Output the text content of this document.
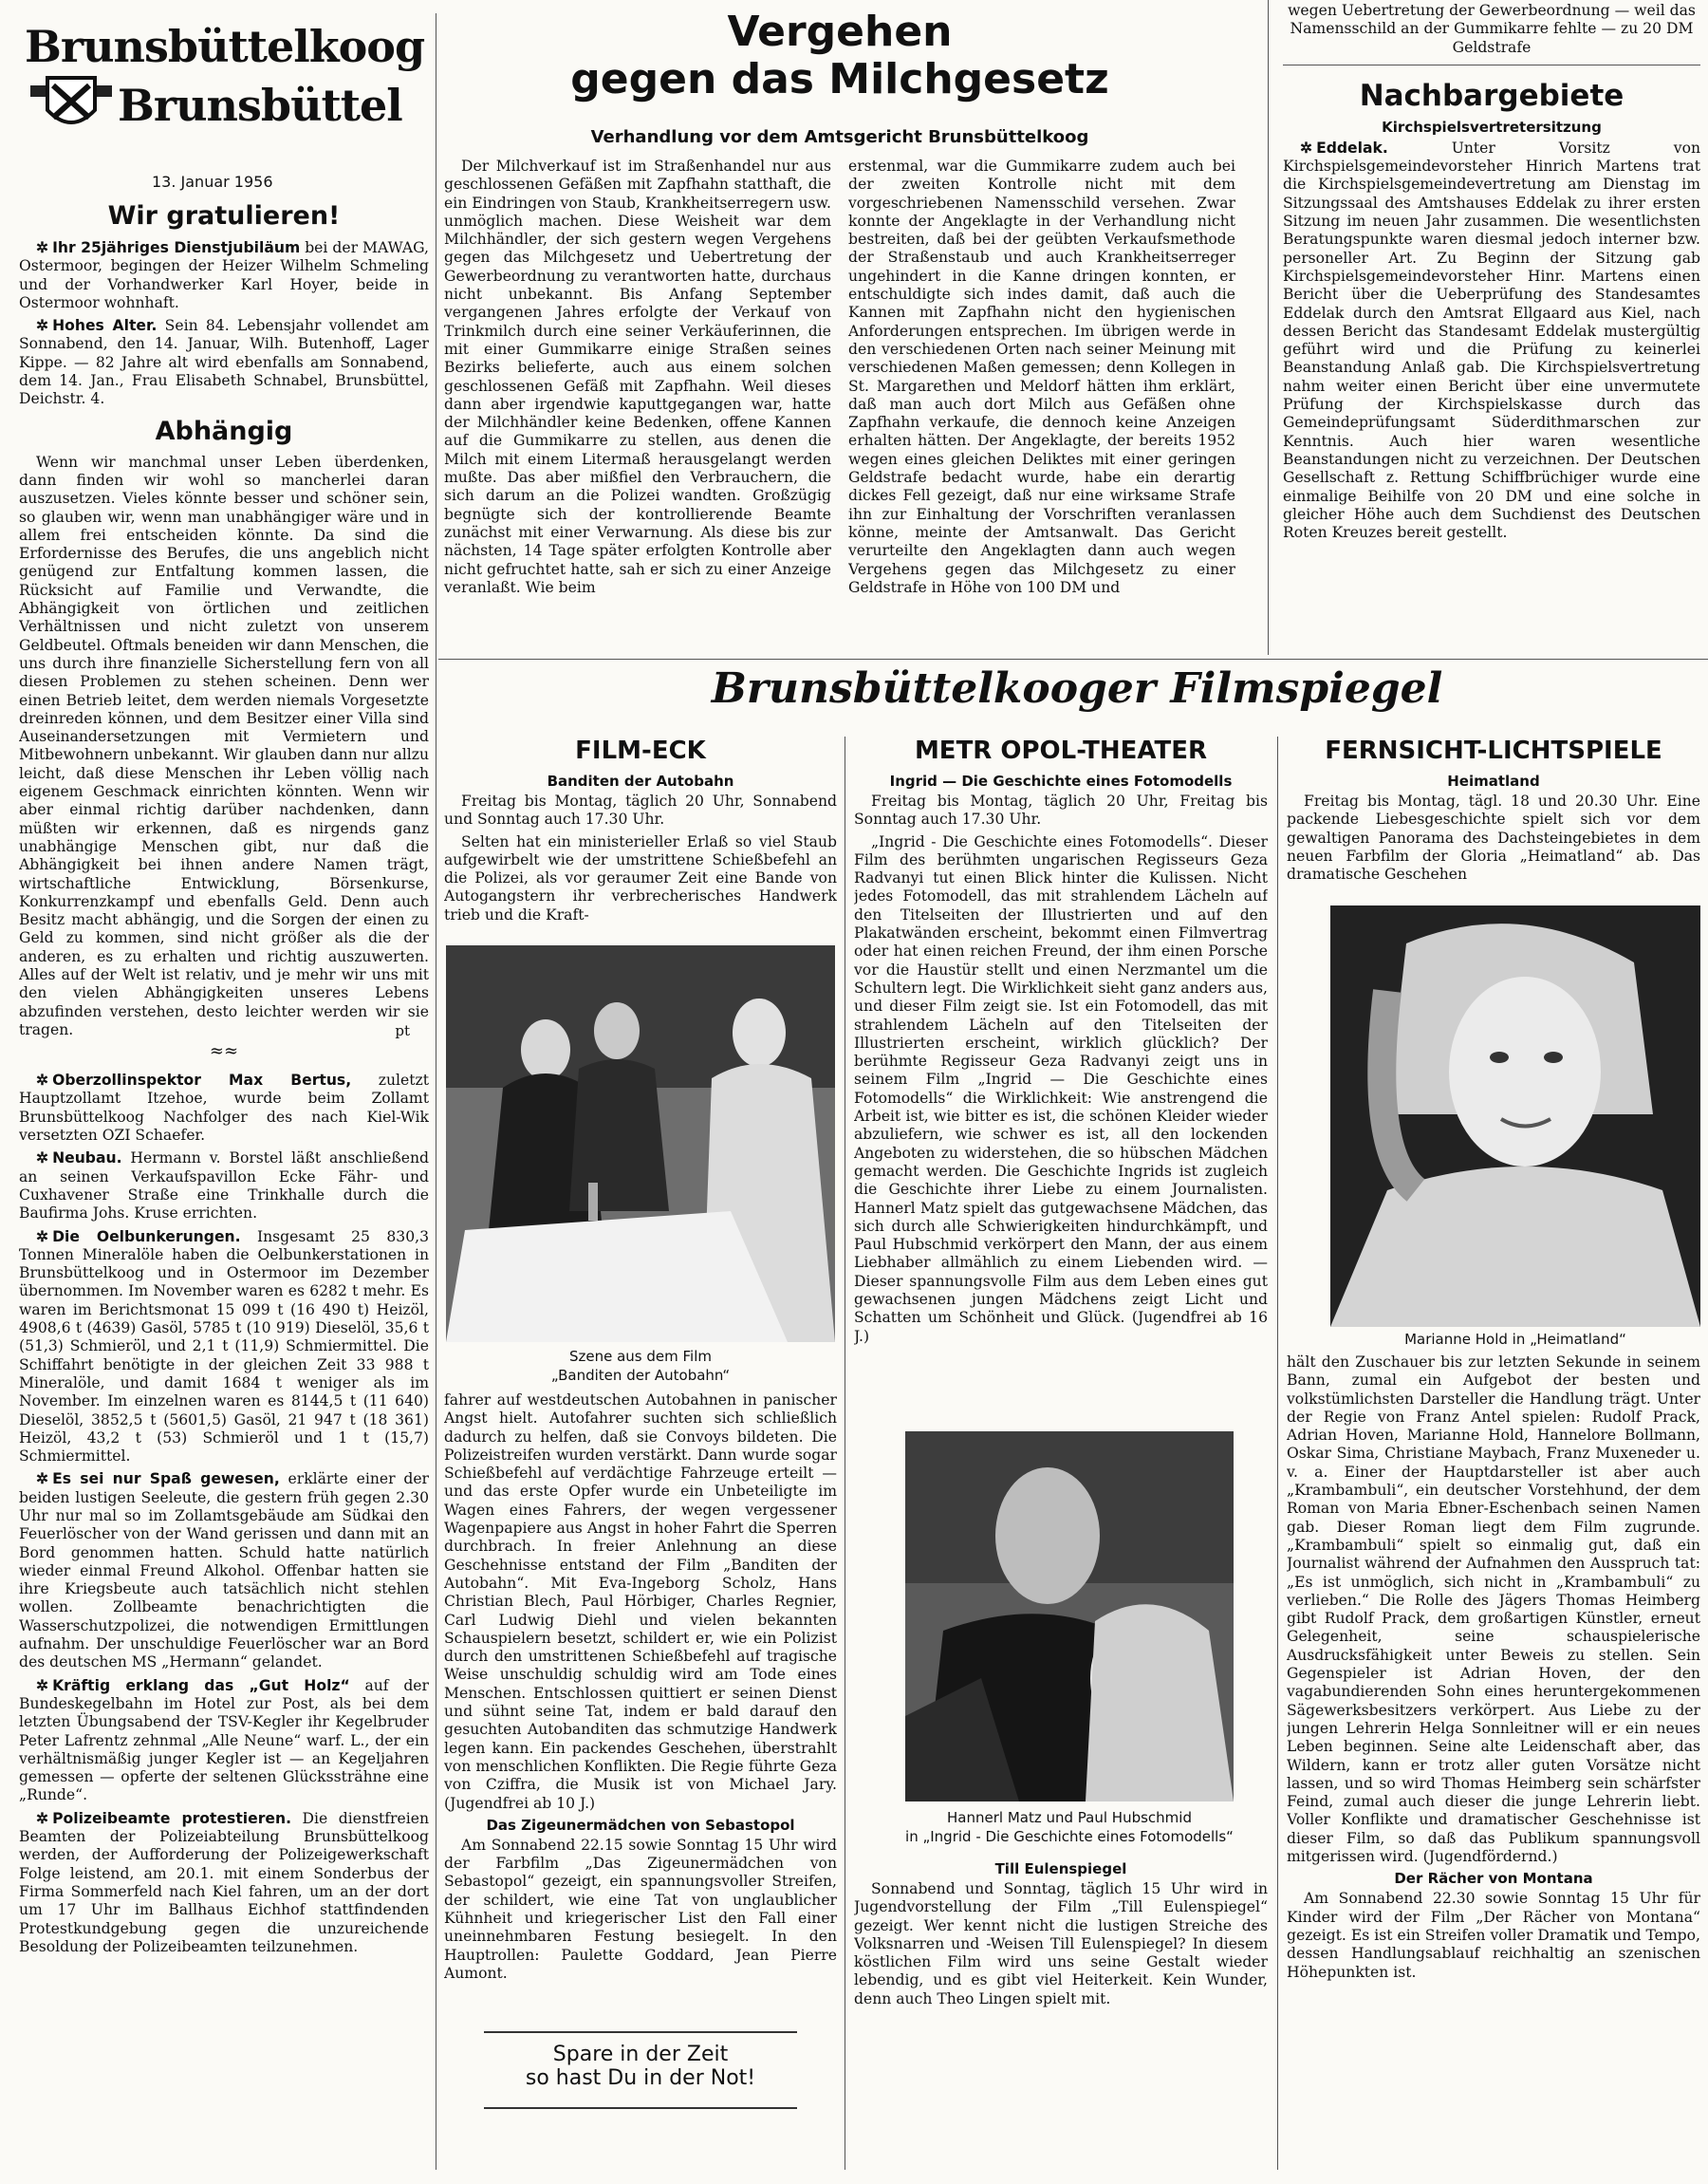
Brunsbüttelkoog
Brunsbüttel
13. Januar 1956
Wir gratulieren!

✲ Ihr 25jähriges Dienstjubiläum bei der MAWAG, Ostermoor, begingen der Heizer Wilhelm Schmeling und der Vorhandwerker Karl Hoyer, beide in Ostermoor wohnhaft.

✲ Hohes Alter. Sein 84. Lebensjahr vollendet am Sonnabend, den 14. Januar, Wilh. Butenhoff, Lager Kippe. — 82 Jahre alt wird ebenfalls am Sonnabend, dem 14. Jan., Frau Elisabeth Schnabel, Brunsbüttel, Deichstr. 4.

Abhängig

Wenn wir manchmal unser Leben überdenken, dann finden wir wohl so mancherlei daran auszusetzen. Vieles könnte besser und schöner sein, so glauben wir, wenn man unabhängiger wäre und in allem frei entscheiden könnte. Da sind die Erfordernisse des Berufes, die uns angeblich nicht genügend zur Entfaltung kommen lassen, die Rücksicht auf Familie und Verwandte, die Abhängigkeit von örtlichen und zeitlichen Verhältnissen und nicht zuletzt von unserem Geldbeutel. Oftmals beneiden wir dann Menschen, die uns durch ihre finanzielle Sicherstellung fern von all diesen Problemen zu stehen scheinen. Denn wer einen Betrieb leitet, dem werden niemals Vorgesetzte dreinreden können, und dem Besitzer einer Villa sind Auseinandersetzungen mit Vermietern und Mitbewohnern unbekannt. Wir glauben dann nur allzu leicht, daß diese Menschen ihr Leben völlig nach eigenem Geschmack einrichten könnten. Wenn wir aber einmal richtig darüber nachdenken, dann müßten wir erkennen, daß es nirgends ganz unabhängige Menschen gibt, nur daß die Abhängigkeit bei ihnen andere Namen trägt, wirtschaftliche Entwicklung, Börsenkurse, Konkurrenzkampf und ebenfalls Geld. Denn auch Besitz macht abhängig, und die Sorgen der einen zu Geld zu kommen, sind nicht größer als die der anderen, es zu erhalten und richtig auszuwerten. Alles auf der Welt ist relativ, und je mehr wir uns mit den vielen Abhängigkeiten unseres Lebens abzufinden verstehen, desto leichter werden wir sie tragen.	pt
≈≈

✲ Oberzollinspektor Max Bertus, zuletzt Hauptzollamt Itzehoe, wurde beim Zollamt Brunsbüttelkoog Nachfolger des nach Kiel-Wik versetzten OZI Schaefer.

✲ Neubau. Hermann v. Borstel läßt anschließend an seinen Verkaufspavillon Ecke Fähr- und Cuxhavener Straße eine Trinkhalle durch die Baufirma Johs. Kruse errichten.

✲ Die Oelbunkerungen. Insgesamt 25 830,3 Tonnen Mineralöle haben die Oelbunkerstationen in Brunsbüttelkoog und in Ostermoor im Dezember übernommen. Im November waren es 6282 t mehr. Es waren im Berichtsmonat 15 099 t (16 490 t) Heizöl, 4908,6 t (4639) Gasöl, 5785 t (10 919) Dieselöl, 35,6 t (51,3) Schmieröl, und 2,1 t (11,9) Schmiermittel. Die Schiffahrt benötigte in der gleichen Zeit 33 988 t Mineralöle, und damit 1684 t weniger als im November. Im einzelnen waren es 8144,5 t (11 640) Dieselöl, 3852,5 t (5601,5) Gasöl, 21 947 t (18 361) Heizöl, 43,2 t (53) Schmieröl und 1 t (15,7) Schmiermittel.

✲ Es sei nur Spaß gewesen, erklärte einer der beiden lustigen Seeleute, die gestern früh gegen 2.30 Uhr nur mal so im Zollamtsgebäude am Südkai den Feuerlöscher von der Wand gerissen und dann mit an Bord genommen hatten. Schuld hatte natürlich wieder einmal Freund Alkohol. Offenbar hatten sie ihre Kriegsbeute auch tatsächlich nicht stehlen wollen. Zollbeamte benachrichtigten die Wasserschutzpolizei, die notwendigen Ermittlungen aufnahm. Der unschuldige Feuerlöscher war an Bord des deutschen MS „Hermann“ gelandet.

✲ Kräftig erklang das „Gut Holz“ auf der Bundeskegelbahn im Hotel zur Post, als bei dem letzten Übungsabend der TSV-Kegler ihr Kegelbruder Peter Lafrentz zehnmal „Alle Neune“ warf. L., der ein verhältnismäßig junger Kegler ist — an Kegeljahren gemessen — opferte der seltenen Glückssträhne eine „Runde“.

✲ Polizeibeamte protestieren. Die dienstfreien Beamten der Polizeiabteilung Brunsbüttelkoog werden, der Aufforderung der Polizeigewerkschaft Folge leistend, am 20.1. mit einem Sonderbus der Firma Sommerfeld nach Kiel fahren, um an der dort um 17 Uhr im Ballhaus Eichhof stattfindenden Protestkundgebung gegen die unzureichende Besoldung der Polizeibeamten teilzunehmen.

Vergehen
gegen das Milchgesetz
Verhandlung vor dem Amtsgericht Brunsbüttelkoog

Der Milchverkauf ist im Straßenhandel nur aus geschlossenen Gefäßen mit Zapfhahn statthaft, die ein Eindringen von Staub, Krankheitserregern usw. unmöglich machen. Diese Weisheit war dem Milchhändler, der sich gestern wegen Vergehens gegen das Milchgesetz und Uebertretung der Gewerbeordnung zu verantworten hatte, durchaus nicht unbekannt. Bis Anfang September vergangenen Jahres erfolgte der Verkauf von Trinkmilch durch eine seiner Verkäuferinnen, die mit einer Gummikarre einige Straßen seines Bezirks belieferte, auch aus einem solchen geschlossenen Gefäß mit Zapfhahn. Weil dieses dann aber irgendwie kaputtgegangen war, hatte der Milchhändler keine Bedenken, offene Kannen auf die Gummikarre zu stellen, aus denen die Milch mit einem Litermaß herausgelangt werden mußte. Das aber mißfiel den Verbrauchern, die sich darum an die Polizei wandten. Großzügig begnügte sich der kontrollierende Beamte zunächst mit einer Verwarnung. Als diese bis zur nächsten, 14 Tage später erfolgten Kontrolle aber nicht gefruchtet hatte, sah er sich zu einer Anzeige veranlaßt. Wie beim

erstenmal, war die Gummikarre zudem auch bei der zweiten Kontrolle nicht mit dem vorgeschriebenen Namensschild versehen. Zwar konnte der Angeklagte in der Verhandlung nicht bestreiten, daß bei der geübten Verkaufsmethode der Straßenstaub und auch Krankheitserreger ungehindert in die Kanne dringen konnten, er entschuldigte sich indes damit, daß auch die Kannen mit Zapfhahn nicht den hygienischen Anforderungen entsprechen. Im übrigen werde in den verschiedenen Orten nach seiner Meinung mit verschiedenen Maßen gemessen; denn Kollegen in St. Margarethen und Meldorf hätten ihm erklärt, daß man auch dort Milch aus Gefäßen ohne Zapfhahn verkaufe, die dennoch keine Anzeigen erhalten hätten. Der Angeklagte, der bereits 1952 wegen eines gleichen Deliktes mit einer geringen Geldstrafe bedacht wurde, habe ein derartig dickes Fell gezeigt, daß nur eine wirksame Strafe ihn zur Einhaltung der Vorschriften veranlassen könne, meinte der Amtsanwalt. Das Gericht verurteilte den Angeklagten dann auch wegen Vergehens gegen das Milchgesetz zu einer Geldstrafe in Höhe von 100 DM und

wegen Uebertretung der Gewerbeordnung — weil das Namensschild an der Gummikarre fehlte — zu 20 DM Geldstrafe

Nachbargebiete
Kirchspielsvertretersitzung

✲ Eddelak. Unter Vorsitz von Kirchspielsgemeindevorsteher Hinrich Martens trat die Kirchspielsgemeindevertretung am Dienstag im Sitzungssaal des Amtshauses Eddelak zu ihrer ersten Sitzung im neuen Jahr zusammen. Die wesentlichsten Beratungspunkte waren diesmal jedoch interner bzw. personeller Art. Zu Beginn der Sitzung gab Kirchspielsgemeindevorsteher Hinr. Martens einen Bericht über die Ueberprüfung des Standesamtes Eddelak durch den Amtsrat Ellgaard aus Kiel, nach dessen Bericht das Standesamt Eddelak mustergültig geführt wird und die Prüfung zu keinerlei Beanstandung Anlaß gab. Die Kirchspielsvertretung nahm weiter einen Bericht über eine unvermutete Prüfung der Kirchspielskasse durch das Gemeindeprüfungsamt Süderdithmarschen zur Kenntnis. Auch hier waren wesentliche Beanstandungen nicht zu verzeichnen. Der Deutschen Gesellschaft z. Rettung Schiffbrüchiger wurde eine einmalige Beihilfe von 20 DM und eine solche in gleicher Höhe auch dem Suchdienst des Deutschen Roten Kreuzes bereit gestellt.

Brunsbüttelkooger Filmspiegel
FILM-ECK
Banditen der Autobahn

Freitag bis Montag, täglich 20 Uhr, Sonnabend und Sonntag auch 17.30 Uhr.

Selten hat ein ministerieller Erlaß so viel Staub aufgewirbelt wie der umstrittene Schießbefehl an die Polizei, als vor geraumer Zeit eine Bande von Autogangstern ihr verbrecherisches Handwerk trieb und die Kraft-

Szene aus dem Film
„Banditen der Autobahn“

fahrer auf westdeutschen Autobahnen in panischer Angst hielt. Autofahrer suchten sich schließlich dadurch zu helfen, daß sie Convoys bildeten. Die Polizeistreifen wurden verstärkt. Dann wurde sogar Schießbefehl auf verdächtige Fahrzeuge erteilt — und das erste Opfer wurde ein Unbeteiligte im Wagen eines Fahrers, der wegen vergessener Wagenpapiere aus Angst in hoher Fahrt die Sperren durchbrach. In freier Anlehnung an diese Geschehnisse entstand der Film „Banditen der Autobahn“. Mit Eva-Ingeborg Scholz, Hans Christian Blech, Paul Hörbiger, Charles Regnier, Carl Ludwig Diehl und vielen bekannten Schauspielern besetzt, schildert er, wie ein Polizist durch den umstrittenen Schießbefehl auf tragische Weise unschuldig schuldig wird am Tode eines Menschen. Entschlossen quittiert er seinen Dienst und sühnt seine Tat, indem er bald darauf den gesuchten Autobanditen das schmutzige Handwerk legen kann. Ein packendes Geschehen, überstrahlt von menschlichen Konflikten. Die Regie führte Geza von Cziffra, die Musik ist von Michael Jary. (Jugendfrei ab 10 J.)

Das Zigeunermädchen von Sebastopol

Am Sonnabend 22.15 sowie Sonntag 15 Uhr wird der Farbfilm „Das Zigeunermädchen von Sebastopol“ gezeigt, ein spannungsvoller Streifen, der schildert, wie eine Tat von unglaublicher Kühnheit und kriegerischer List den Fall einer uneinnehmbaren Festung besiegelt. In den Hauptrollen: Paulette Goddard, Jean Pierre Aumont.

Spare in der Zeit
so hast Du in der Not!
METR OPOL-THEATER
Ingrid — Die Geschichte eines Fotomodells

Freitag bis Montag, täglich 20 Uhr, Freitag bis Sonntag auch 17.30 Uhr.

„Ingrid - Die Geschichte eines Fotomodells“. Dieser Film des berühmten ungarischen Regisseurs Geza Radvanyi tut einen Blick hinter die Kulissen. Nicht jedes Fotomodell, das mit strahlendem Lächeln auf den Titelseiten der Illustrierten und auf den Plakatwänden erscheint, bekommt einen Filmvertrag oder hat einen reichen Freund, der ihm einen Porsche vor die Haustür stellt und einen Nerzmantel um die Schultern legt. Die Wirklichkeit sieht ganz anders aus, und dieser Film zeigt sie. Ist ein Fotomodell, das mit strahlendem Lächeln auf den Titelseiten der Illustrierten erscheint, wirklich glücklich? Der berühmte Regisseur Geza Radvanyi zeigt uns in seinem Film „Ingrid — Die Geschichte eines Fotomodells“ die Wirklichkeit: Wie anstrengend die Arbeit ist, wie bitter es ist, die schönen Kleider wieder abzuliefern, wie schwer es ist, all den lockenden Angeboten zu widerstehen, die so hübschen Mädchen gemacht werden. Die Geschichte Ingrids ist zugleich die Geschichte ihrer Liebe zu einem Journalisten. Hannerl Matz spielt das gutgewachsene Mädchen, das sich durch alle Schwierigkeiten hindurchkämpft, und Paul Hubschmid verkörpert den Mann, der aus einem Liebhaber allmählich zu einem Liebenden wird. — Dieser spannungsvolle Film aus dem Leben eines gut gewachsenen jungen Mädchens zeigt Licht und Schatten um Schönheit und Glück. (Jugendfrei ab 16 J.)

Hannerl Matz und Paul Hubschmid
in „Ingrid - Die Geschichte eines Fotomodells“
Till Eulenspiegel

Sonnabend und Sonntag, täglich 15 Uhr wird in Jugendvorstellung der Film „Till Eulenspiegel“ gezeigt. Wer kennt nicht die lustigen Streiche des Volksnarren und -Weisen Till Eulenspiegel? In diesem köstlichen Film wird uns seine Gestalt wieder lebendig, und es gibt viel Heiterkeit. Kein Wunder, denn auch Theo Lingen spielt mit.

FERNSICHT-LICHTSPIELE
Heimatland

Freitag bis Montag, tägl. 18 und 20.30 Uhr. Eine packende Liebesgeschichte spielt sich vor dem gewaltigen Panorama des Dachsteingebietes in dem neuen Farbfilm der Gloria „Heimatland“ ab. Das dramatische Geschehen

Marianne Hold in „Heimatland“

hält den Zuschauer bis zur letzten Sekunde in seinem Bann, zumal ein Aufgebot der besten und volkstümlichsten Darsteller die Handlung trägt. Unter der Regie von Franz Antel spielen: Rudolf Prack, Adrian Hoven, Marianne Hold, Hannelore Bollmann, Oskar Sima, Christiane Maybach, Franz Muxeneder u. v. a. Einer der Hauptdarsteller ist aber auch „Krambambuli“, ein deutscher Vorstehhund, der dem Roman von Maria Ebner-Eschenbach seinen Namen gab. Dieser Roman liegt dem Film zugrunde. „Krambambuli“ spielt so einmalig gut, daß ein Journalist während der Aufnahmen den Ausspruch tat: „Es ist unmöglich, sich nicht in „Krambambuli“ zu verlieben.“ Die Rolle des Jägers Thomas Heimberg gibt Rudolf Prack, dem großartigen Künstler, erneut Gelegenheit, seine schauspielerische Ausdrucksfähigkeit unter Beweis zu stellen. Sein Gegenspieler ist Adrian Hoven, der den vagabundierenden Sohn eines heruntergekommenen Sägewerksbesitzers verkörpert. Aus Liebe zu der jungen Lehrerin Helga Sonnleitner will er ein neues Leben beginnen. Seine alte Leidenschaft aber, das Wildern, kann er trotz aller guten Vorsätze nicht lassen, und so wird Thomas Heimberg sein schärfster Feind, zumal auch dieser die junge Lehrerin liebt. Voller Konflikte und dramatischer Geschehnisse ist dieser Film, so daß das Publikum spannungsvoll mitgerissen wird. (Jugendfördernd.)

Der Rächer von Montana

Am Sonnabend 22.30 sowie Sonntag 15 Uhr für Kinder wird der Film „Der Rächer von Montana“ gezeigt. Es ist ein Streifen voller Dramatik und Tempo, dessen Handlungsablauf reichhaltig an szenischen Höhepunkten ist.
